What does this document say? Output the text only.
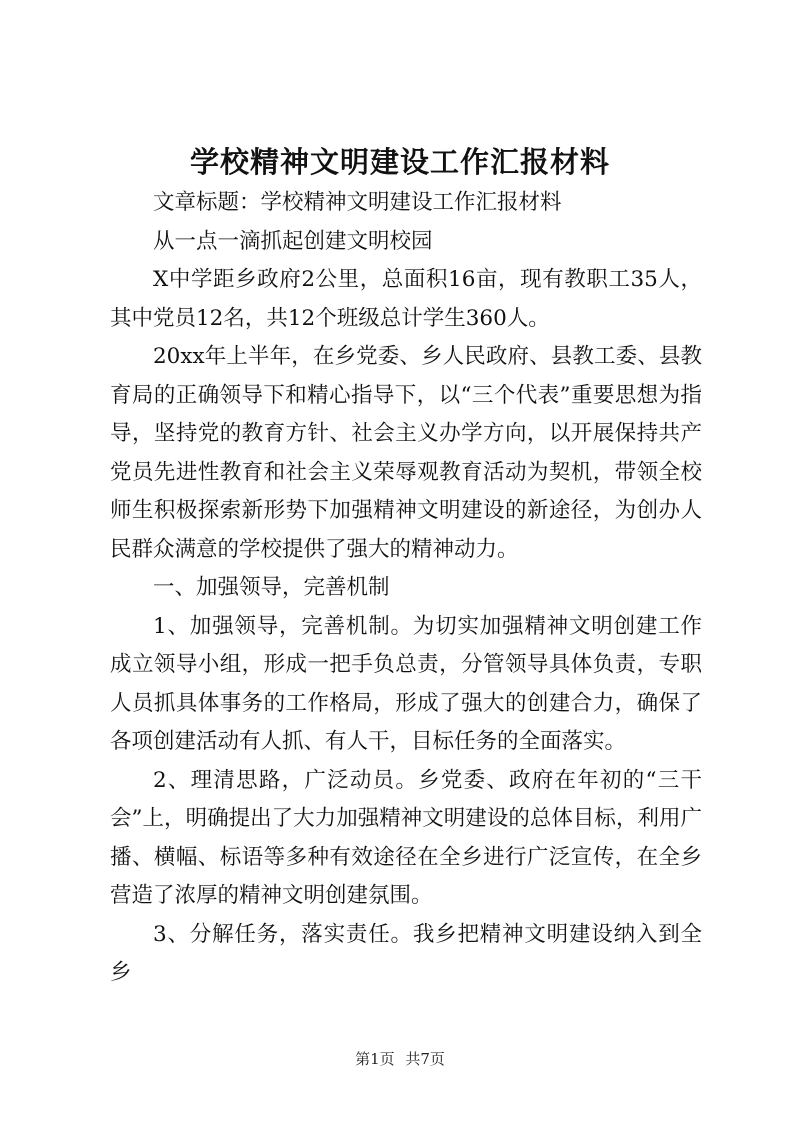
学校精神文明建设工作汇报材料

文章标题：学校精神文明建设工作汇报材料

从一点一滴抓起创建文明校园

X中学距乡政府2公里，总面积16亩，现有教职工35人，其中党员12名，共12个班级总计学生360人。

20xx年上半年，在乡党委、乡人民政府、县教工委、县教育局的正确领导下和精心指导下，以“三个代表”重要思想为指导，坚持党的教育方针、社会主义办学方向，以开展保持共产党员先进性教育和社会主义荣辱观教育活动为契机，带领全校师生积极探索新形势下加强精神文明建设的新途径，为创办人民群众满意的学校提供了强大的精神动力。

一、加强领导，完善机制

1、加强领导，完善机制。为切实加强精神文明创建工作成立领导小组，形成一把手负总责，分管领导具体负责，专职人员抓具体事务的工作格局，形成了强大的创建合力，确保了各项创建活动有人抓、有人干，目标任务的全面落实。

2、理清思路，广泛动员。乡党委、政府在年初的“三干会”上，明确提出了大力加强精神文明建设的总体目标，利用广播、横幅、标语等多种有效途径在全乡进行广泛宣传，在全乡营造了浓厚的精神文明创建氛围。

3、分解任务，落实责任。我乡把精神文明建设纳入到全乡

第1页 共7页
